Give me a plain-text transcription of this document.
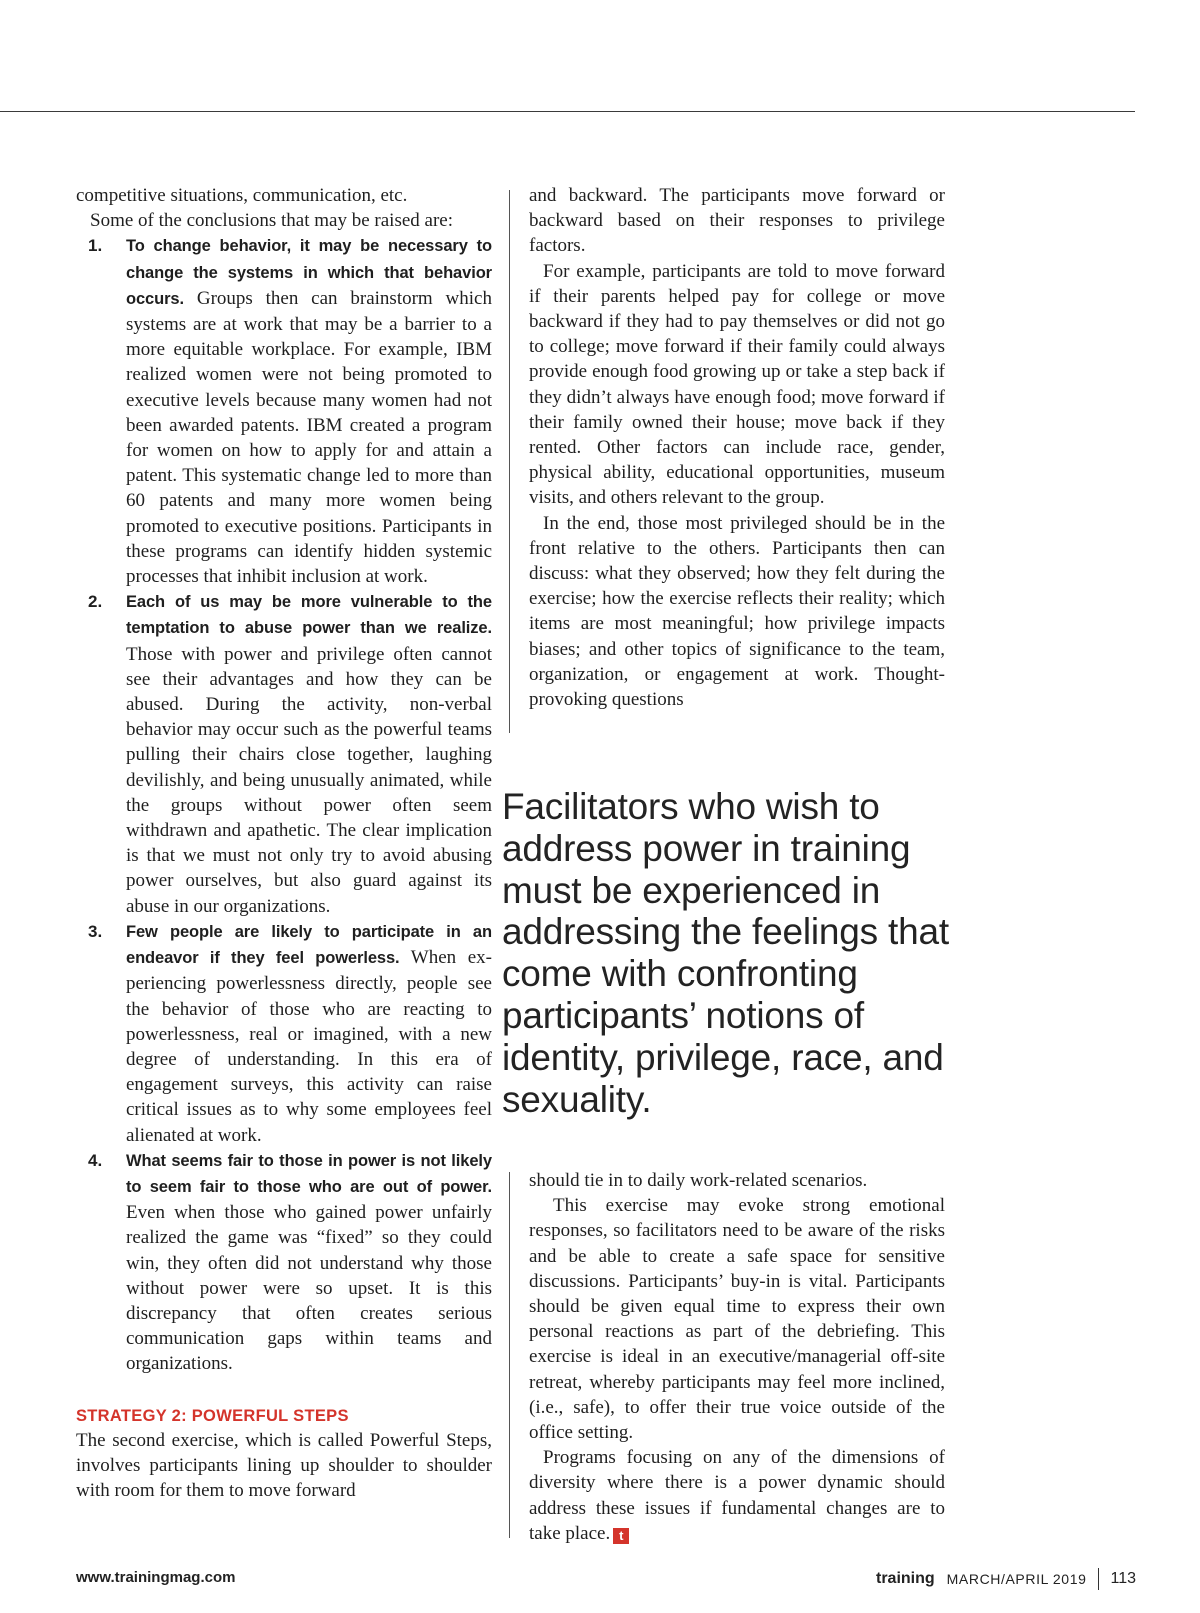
competitive situations, communication, etc.

Some of the conclusions that may be raised are:

1. To change behavior, it may be necessary to change the systems in which that behavior occurs. Groups then can brainstorm which systems are at work that may be a barrier to a more equitable workplace. For example, IBM realized women were not being promoted to executive levels because many women had not been awarded patents. IBM created a program for women on how to apply for and attain a patent. This systematic change led to more than 60 patents and many more women being promoted to executive positions. Participants in these programs can identify hidden systemic processes that inhibit inclusion at work.
2. Each of us may be more vulnerable to the temptation to abuse power than we realize. Those with power and privilege often cannot see their advantages and how they can be abused. During the activity, non-verbal behavior may occur such as the powerful teams pulling their chairs close together, laughing devilishly, and being unusually animated, while the groups without power often seem withdrawn and apathetic. The clear implication is that we must not only try to avoid abusing power ourselves, but also guard against its abuse in our organizations.
3. Few people are likely to participate in an endeavor if they feel powerless. When experiencing powerlessness directly, people see the behavior of those who are reacting to powerlessness, real or imagined, with a new degree of understanding. In this era of engagement surveys, this activity can raise critical issues as to why some employees feel alienated at work.
4. What seems fair to those in power is not likely to seem fair to those who are out of power. Even when those who gained power unfairly realized the game was “fixed” so they could win, they often did not understand why those without power were so upset. It is this discrepancy that often creates serious communication gaps within teams and organizations.
STRATEGY 2: POWERFUL STEPS

The second exercise, which is called Powerful Steps, involves participants lining up shoulder to shoulder with room for them to move forward

and backward. The participants move forward or backward based on their responses to privilege factors.

For example, participants are told to move forward if their parents helped pay for college or move backward if they had to pay themselves or did not go to college; move forward if their family could always provide enough food growing up or take a step back if they didn’t always have enough food; move forward if their family owned their house; move back if they rented. Other factors can include race, gender, physical ability, educational opportunities, museum visits, and others relevant to the group.

In the end, those most privileged should be in the front relative to the others. Participants then can discuss: what they observed; how they felt during the exercise; how the exercise reflects their reality; which items are most meaningful; how privilege impacts biases; and other topics of significance to the team, organization, or engagement at work. Thought-provoking questions

Facilitators who wish to address power in training must be experienced in addressing the feelings that come with confronting participants’ notions of identity, privilege, race, and sexuality.

should tie in to daily work-related scenarios.

This exercise may evoke strong emotional responses, so facilitators need to be aware of the risks and be able to create a safe space for sensitive discussions. Participants’ buy-in is vital. Participants should be given equal time to express their own personal reactions as part of the debriefing. This exercise is ideal in an executive/​managerial off-site retreat, whereby participants may feel more inclined, (i.e., safe), to offer their true voice outside of the office setting.

Programs focusing on any of the dimensions of diversity where there is a power dynamic should address these issues if fundamental changes are to take place. t

www.trainingmag.com	training MARCH/APRIL 2019 113
